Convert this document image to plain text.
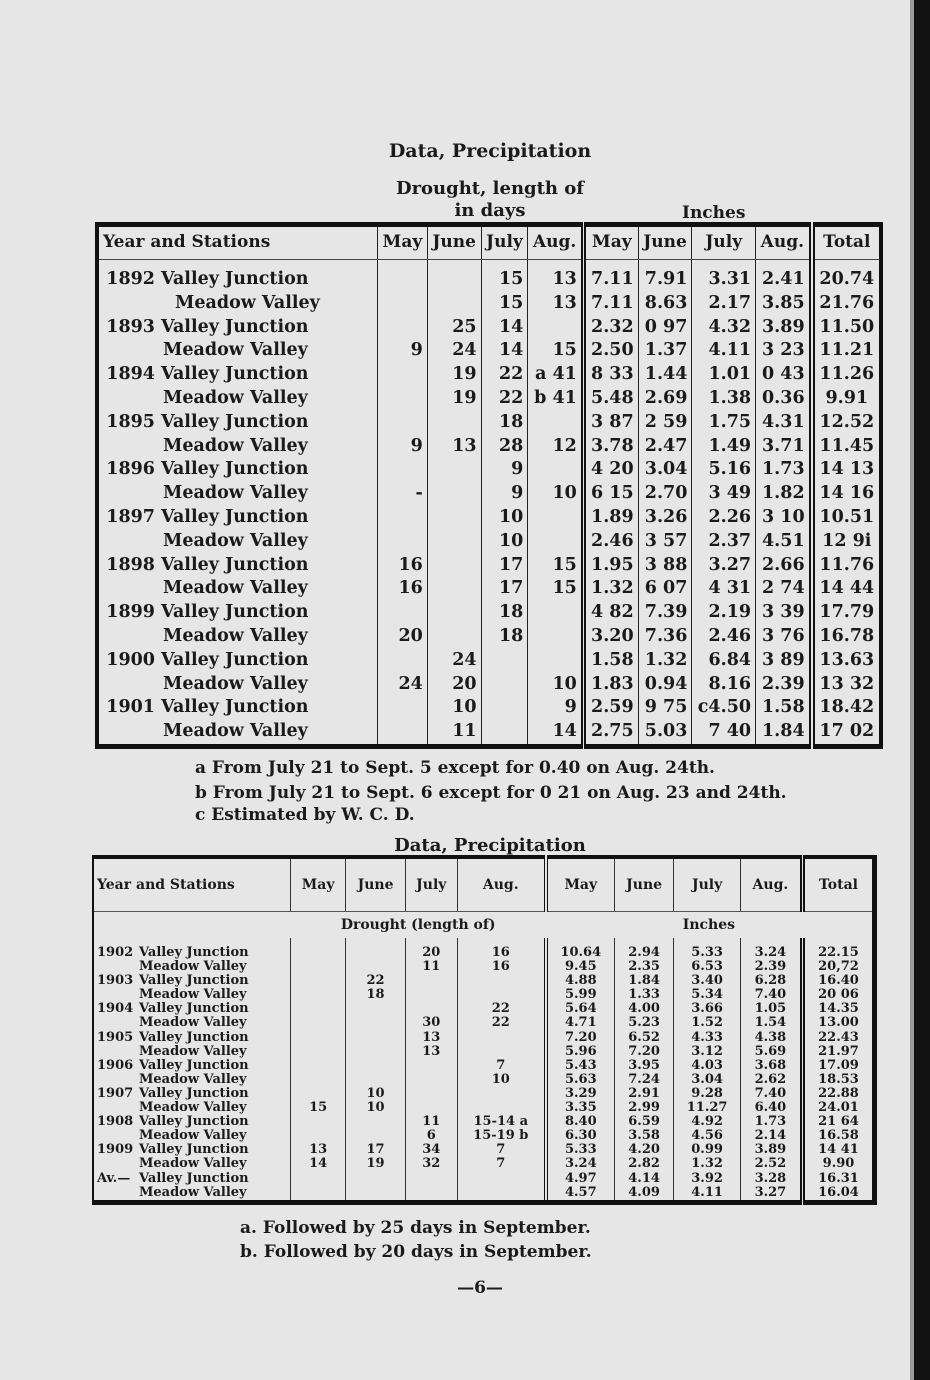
Data, Precipitation
Drought, length of in days	Inches
Year and Stations	May	June	July	Aug.	May	June	July	Aug.	Total

1892 Valley Junction			15	13	7.11	7.91	3.31	2.41	20.74
Meadow Valley			15	13	7.11	8.63	2.17	3.85	21.76
1893 Valley Junction		25	14		2.32	0 97	4.32	3.89	11.50
Meadow Valley	9	24	14	15	2.50	1.37	4.11	3 23	11.21
1894 Valley Junction		19	22	a 41	8 33	1.44	1.01	0 43	11.26
Meadow Valley		19	22	b 41	5.48	2.69	1.38	0.36	9.91
1895 Valley Junction			18		3 87	2 59	1.75	4.31	12.52
Meadow Valley	9	13	28	12	3.78	2.47	1.49	3.71	11.45
1896 Valley Junction			9		4 20	3.04	5.16	1.73	14 13
Meadow Valley	-		9	10	6 15	2.70	3 49	1.82	14 16
1897 Valley Junction			10		1.89	3.26	2.26	3 10	10.51
Meadow Valley			10		2.46	3 57	2.37	4.51	12 9i
1898 Valley Junction	16		17	15	1.95	3 88	3.27	2.66	11.76
Meadow Valley	16		17	15	1.32	6 07	4 31	2 74	14 44
1899 Valley Junction			18		4 82	7.39	2.19	3 39	17.79
Meadow Valley	20		18		3.20	7.36	2.46	3 76	16.78
1900 Valley Junction		24			1.58	1.32	6.84	3 89	13.63
Meadow Valley	24	20		10	1.83	0.94	8.16	2.39	13 32
1901 Valley Junction		10		9	2.59	9 75	c4.50	1.58	18.42
Meadow Valley		11		14	2.75	5.03	7 40	1.84	17 02
a From July 21 to Sept. 5 except for 0.40 on Aug. 24th.
b From July 21 to Sept. 6 except for 0 21 on Aug. 23 and 24th.
c Estimated by W. C. D.
Data, Precipitation
	Drought (length of)				Inches				
Year and Stations	May	June	July	Aug.	May	June	July	Aug.	Total

1902 Valley Junction			20	16	10.64	2.94	5.33	3.24	22.15
Meadow Valley			11	16	9.45	2.35	6.53	2.39	20,72
1903 Valley Junction		22			4.88	1.84	3.40	6.28	16.40
Meadow Valley		18			5.99	1.33	5.34	7.40	20 06
1904 Valley Junction				22	5.64	4.00	3.66	1.05	14.35
Meadow Valley			30	22	4.71	5.23	1.52	1.54	13.00
1905 Valley Junction			13		7.20	6.52	4.33	4.38	22.43
Meadow Valley			13		5.96	7.20	3.12	5.69	21.97
1906 Valley Junction				7	5.43	3.95	4.03	3.68	17.09
Meadow Valley				10	5.63	7.24	3.04	2.62	18.53
1907 Valley Junction		10			3.29	2.91	9.28	7.40	22.88
Meadow Valley	15	10			3.35	2.99	11.27	6.40	24.01
1908 Valley Junction			11	15-14 a	8.40	6.59	4.92	1.73	21 64
Meadow Valley			6	15-19 b	6.30	3.58	4.56	2.14	16.58
1909 Valley Junction	13	17	34	7	5.33	4.20	0.99	3.89	14 41
Meadow Valley	14	19	32	7	3.24	2.82	1.32	2.52	9.90
Av.— Valley Junction					4.97	4.14	3.92	3.28	16.31
Meadow Valley					4.57	4.09	4.11	3.27	16.04
a. Followed by 25 days in September.
b. Followed by 20 days in September.
—6—
